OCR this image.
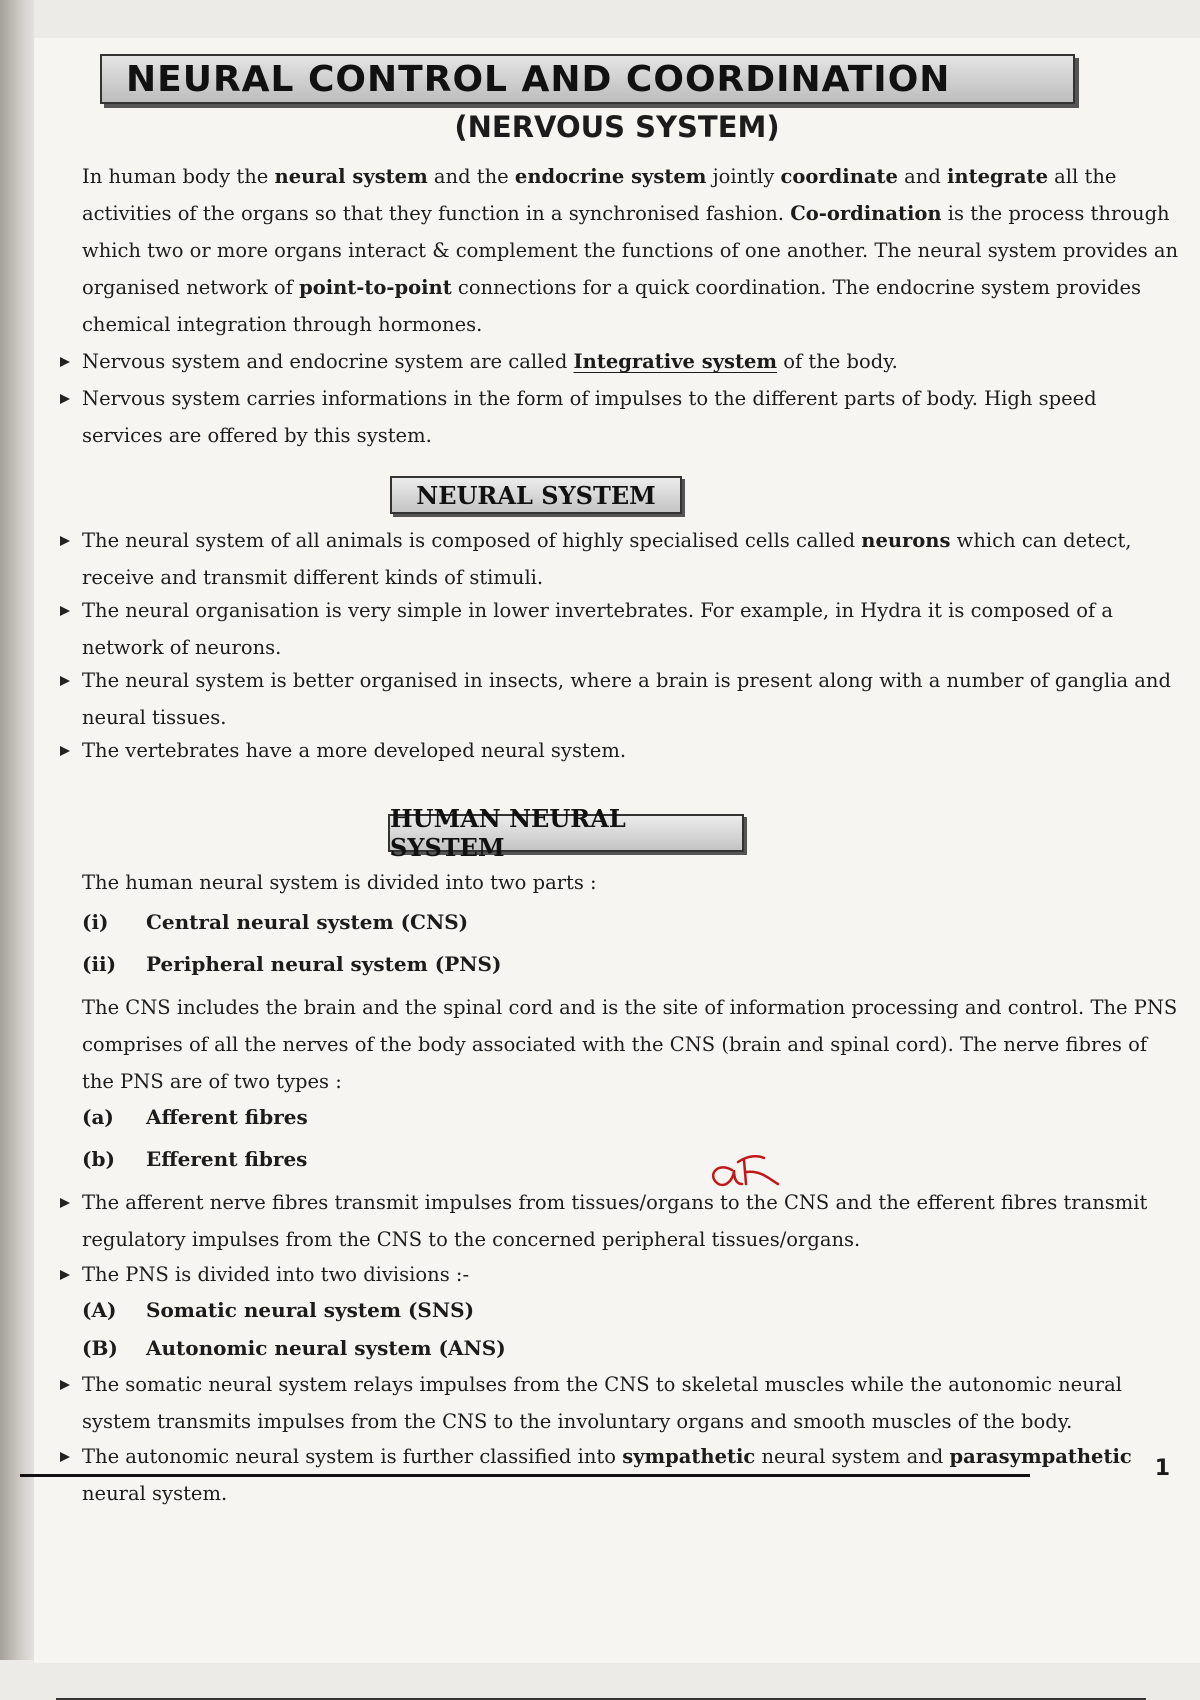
NEURAL CONTROL AND COORDINATION
(NERVOUS SYSTEM)

In human body the neural system and the endocrine system jointly coordinate and integrate all the activities of the organs so that they function in a synchronised fashion. Co-ordination is the process through which two or more organs interact & complement the functions of one another. The neural system provides an organised network of point-to-point connections for a quick coordination. The endocrine system provides chemical integration through hormones.

Nervous system and endocrine system are called Integrative system of the body.

Nervous system carries informations in the form of impulses to the different parts of body. High speed services are offered by this system.

NEURAL SYSTEM

The neural system of all animals is composed of highly specialised cells called neurons which can detect, receive and transmit different kinds of stimuli.

The neural organisation is very simple in lower invertebrates. For example, in Hydra it is composed of a network of neurons.

The neural system is better organised in insects, where a brain is present along with a number of ganglia and neural tissues.

The vertebrates have a more developed neural system.

HUMAN NEURAL SYSTEM

The human neural system is divided into two parts :

(i)	Central neural system (CNS)
(ii)	Peripheral neural system (PNS)

The CNS includes the brain and the spinal cord and is the site of information processing and control. The PNS comprises of all the nerves of the body associated with the CNS (brain and spinal cord). The nerve fibres of the PNS are of two types :

(a)	Afferent fibres
(b)	Efferent fibres

The afferent nerve fibres transmit impulses from tissues/organs to the CNS and the efferent fibres transmit regulatory impulses from the CNS to the concerned peripheral tissues/organs.

The PNS is divided into two divisions :-

(A)	Somatic neural system (SNS)
(B)	Autonomic neural system (ANS)

The somatic neural system relays impulses from the CNS to skeletal muscles while the autonomic neural system transmits impulses from the CNS to the involuntary organs and smooth muscles of the body.

The autonomic neural system is further classified into sympathetic neural system and parasympathetic neural system.

1
